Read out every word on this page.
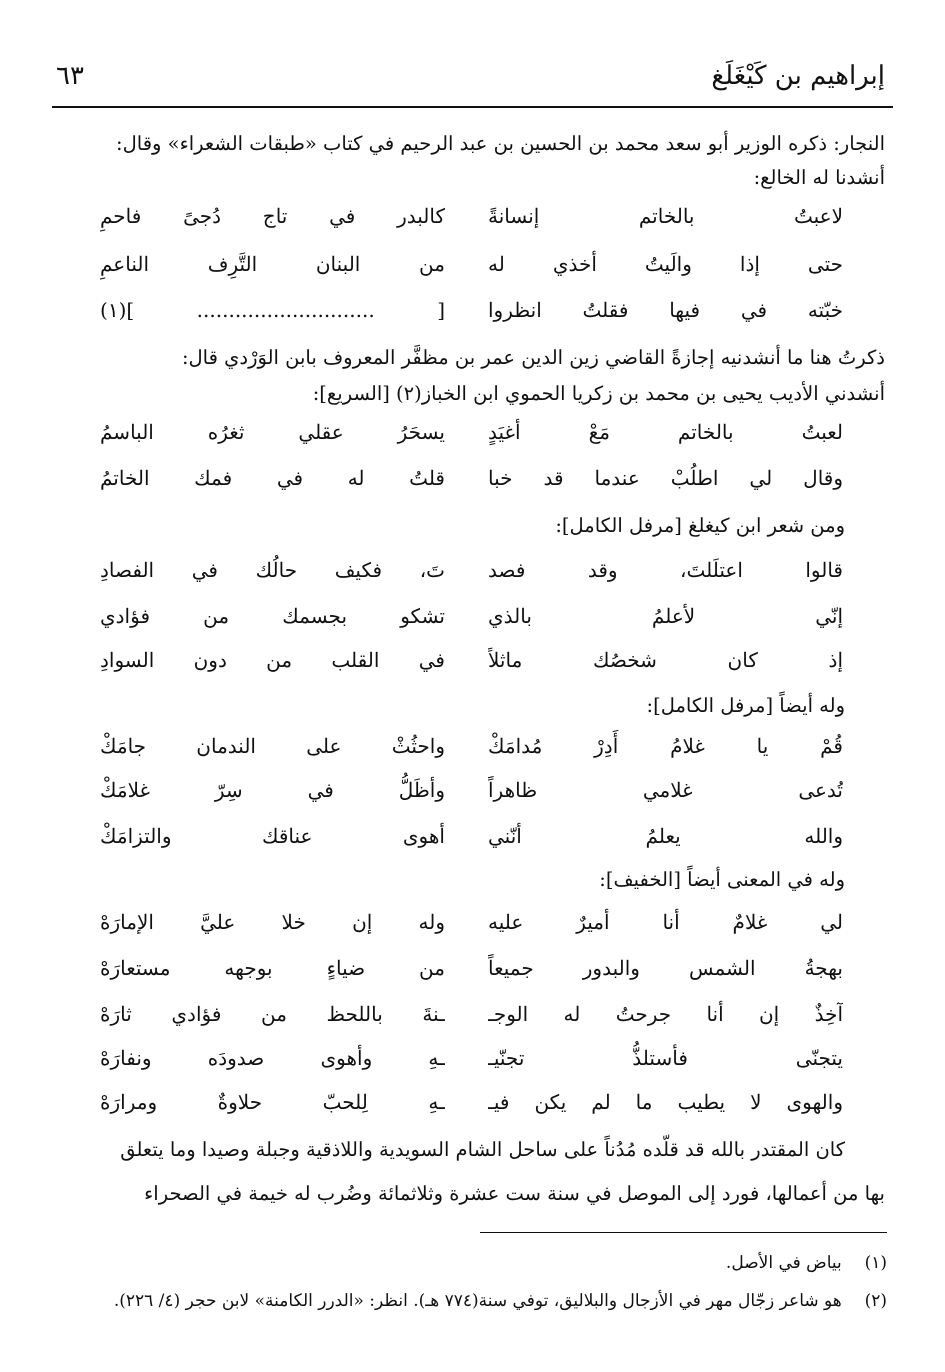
إبراهيم بن كَيْغَلَغ
٦٣
النجار: ذكره الوزير أبو سعد محمد بن الحسين بن عبد الرحيم في كتاب «طبقات الشعراء» وقال:
أنشدنا له الخالع:
لاعبتُ بالخاتم إنسانةً
كالبدر في تاج دُجىً فاحمِ
حتى إذا والَيتُ أخذي له
من البنان التَّرِف الناعمِ
خبّته في فيها فقلتُ انظروا
[ ............................ ](١)
ذكرتُ هنا ما أنشدنيه إجازةً القاضي زين الدين عمر بن مظفَّر المعروف بابن الوَرْدي قال:
أنشدني الأديب يحيى بن محمد بن زكريا الحموي ابن الخباز(٢) [السريع]:
لعبتُ بالخاتم مَعْ أغيَدٍ
يسحَرُ عقلي ثغرُه الباسمُ
وقال لي اطلُبْ عندما قد خبا
قلتُ له في فمك الخاتمُ
ومن شعر ابن كيغلغ [مرفل الكامل]:
قالوا اعتلَلتَ، وقد فصد
تَ، فكيف حالُك في الفصادِ
إنّي لأعلمُ بالذي
تشكو بجسمك من فؤادي
إذ كان شخصُك ماثلاً
في القلب من دون السوادِ
وله أيضاً [مرفل الكامل]:
قُمْ يا غلامُ أَدِرْ مُدامَكْ
واحثُثْ على الندمان جامَكْ
تُدعى غلامي ظاهراً
وأظَلُّ في سِرّ غلامَكْ
والله يعلمُ أنّني
أهوى عناقك والتزامَكْ
وله في المعنى أيضاً [الخفيف]:
لي غلامٌ أنا أميرٌ عليه
وله إن خلا عليَّ الإمارَهْ
بهجةُ الشمس والبدور جميعاً
من ضياءٍ بوجهه مستعارَهْ
آخِذٌ إن أنا جرحتُ له الوجـ
ـنةَ باللحظ من فؤادي ثارَهْ
يتجنّى فأستلذُّ تجنّيـ
ـهِ وأهوى صدودَه ونفارَهْ
والهوى لا يطيب ما لم يكن فيـ
ـهِ لِلحبّ حلاوةٌ ومرارَهْ
كان المقتدر بالله قد قلّده مُدُناً على ساحل الشام السويدية واللاذقية وجبلة وصيدا وما يتعلق
بها من أعمالها، فورد إلى الموصل في سنة ست عشرة وثلاثمائة وضُرب له خيمة في الصحراء
(١)  بياض في الأصل.
(٢)  هو شاعر زجّال مهر في الأزجال والبلاليق، توفي سنة(٧٧٤ هـ). انظر: «الدرر الكامنة» لابن حجر (٤/ ٢٢٦).
